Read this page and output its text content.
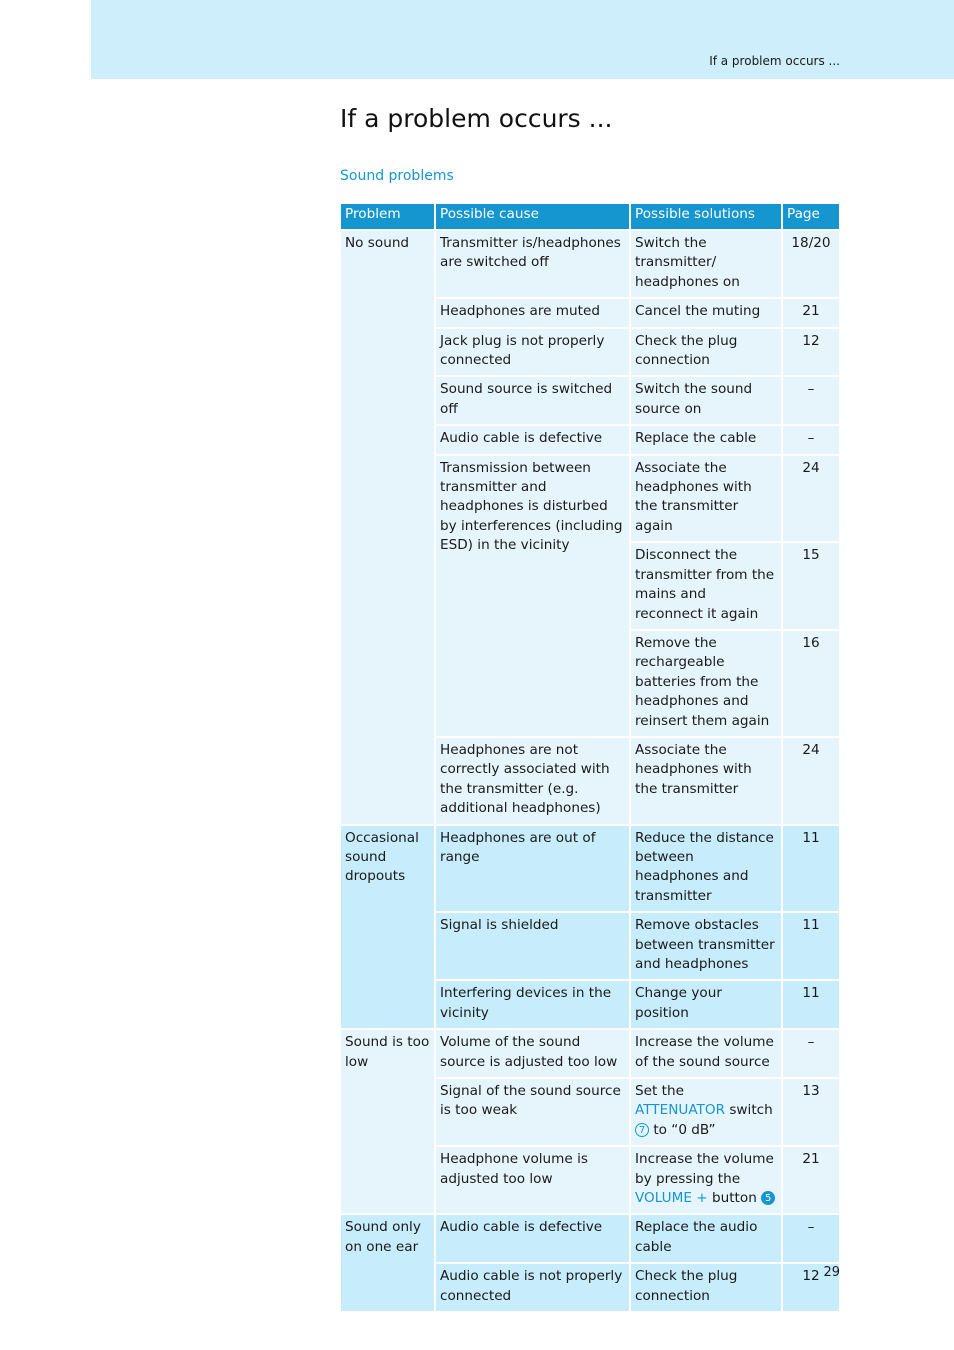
If a problem occurs ...
If a problem occurs ...
Sound problems
Problem	Possible cause	Possible solutions	Page
No sound	Transmitter is/headphones are switched off	Switch the transmitter/ headphones on	18/20
	Headphones are muted	Cancel the muting	21
	Jack plug is not properly connected	Check the plug connection	12
	Sound source is switched off	Switch the sound source on	–
	Audio cable is defective	Replace the cable	–
	Transmission between transmitter and headphones is disturbed by interferences (including ESD) in the vicinity	Associate the headphones with the transmitter again	24
		Disconnect the transmitter from the mains and reconnect it again	15
		Remove the rechargeable batteries from the headphones and reinsert them again	16
	Headphones are not correctly associated with the transmitter (e.g. additional headphones)	Associate the headphones with the transmitter	24
Occasional sound dropouts	Headphones are out of range	Reduce the distance between headphones and transmitter	11
	Signal is shielded	Remove obstacles between transmitter and headphones	11
	Interfering devices in the vicinity	Change your position	11
Sound is too low	Volume of the sound source is adjusted too low	Increase the volume of the sound source	–
	Signal of the sound source is too weak	Set the ATTENUATOR switch 7 to “0 dB”	13
	Headphone volume is adjusted too low	Increase the volume by pressing the VOLUME + button 5	21
Sound only on one ear	Audio cable is defective	Replace the audio cable	–
	Audio cable is not properly connected	Check the plug connection	12 29
